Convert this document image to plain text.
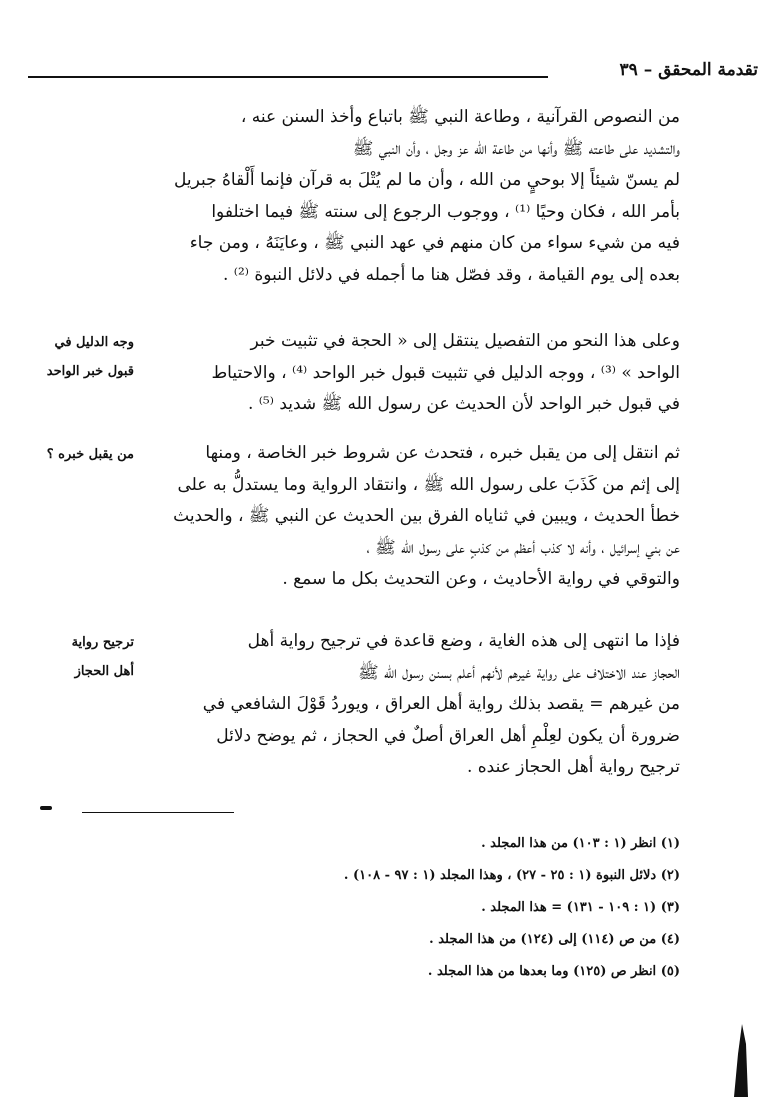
تقدمة المحقق – ٣٩

من النصوص القرآنية ، وطاعة النبي ﷺ باتباع وأخذ السنن عنه ،

والتشديد على طاعته ﷺ وأنها من طاعة الله عز وجل ، وأن النبي ﷺ

لم يسنّ شيئاً إلا بوحيٍ من الله ، وأن ما لم يُتْلَ به قرآن فإنما أَلْقاهُ جبريل

بأمر الله ، فكان وحيًا ⁽¹⁾ ، ووجوب الرجوع إلى سنته ﷺ فيما اختلفوا

فيه من شيء سواء من كان منهم في عهد النبي ﷺ ، وعايَنَهُ ، ومن جاء

بعده إلى يوم القيامة ، وقد فصّل هنا ما أجمله في دلائل النبوة ⁽²⁾ .

وعلى هذا النحو من التفصيل ينتقل إلى « الحجة في تثبيت خبر

الواحد » ⁽³⁾ ، ووجه الدليل في تثبيت قبول خبر الواحد ⁽⁴⁾ ، والاحتياط

في قبول خبر الواحد لأن الحديث عن رسول الله ﷺ شديد ⁽⁵⁾ .

ثم انتقل إلى من يقبل خبره ، فتحدث عن شروط خبر الخاصة ، ومنها

إلى إثم من كَذَبَ على رسول الله ﷺ ، وانتقاد الرواية وما يستدلُّ به على

خطأ الحديث ، ويبين في ثناياه الفرق بين الحديث عن النبي ﷺ ، والحديث

عن بني إسرائيل ، وأنه لا كذب أعظم من كذبٍ على رسول الله ﷺ ،

والتوقي في رواية الأحاديث ، وعن التحديث بكل ما سمع .

فإذا ما انتهى إلى هذه الغاية ، وضع قاعدة في ترجيح رواية أهل

الحجاز عند الاختلاف على رواية غيرهم لأنهم أعلم بسنن رسول الله ﷺ

من غيرهم = يقصد بذلك رواية أهل العراق ، ويوردُ قَوْلَ الشافعي في

ضرورة أن يكون لعِلْمِ أهل العراق أصلٌ في الحجاز ، ثم يوضح دلائل

ترجيح رواية أهل الحجاز عنده .

وجه الدليل في
قبول خبر الواحد
من يقبل خبره ؟
ترجيح رواية
أهل الحجاز
(١) انظر (١ : ١٠٣) من هذا المجلد .
(٢) دلائل النبوة (١ : ٢٥ - ٢٧) ، وهذا المجلد (١ : ٩٧ - ١٠٨) .
(٣) (١ : ١٠٩ - ١٣١) = هذا المجلد .
(٤) من ص (١١٤) إلى (١٢٤) من هذا المجلد .
(٥) انظر ص (١٢٥) وما بعدها من هذا المجلد .
